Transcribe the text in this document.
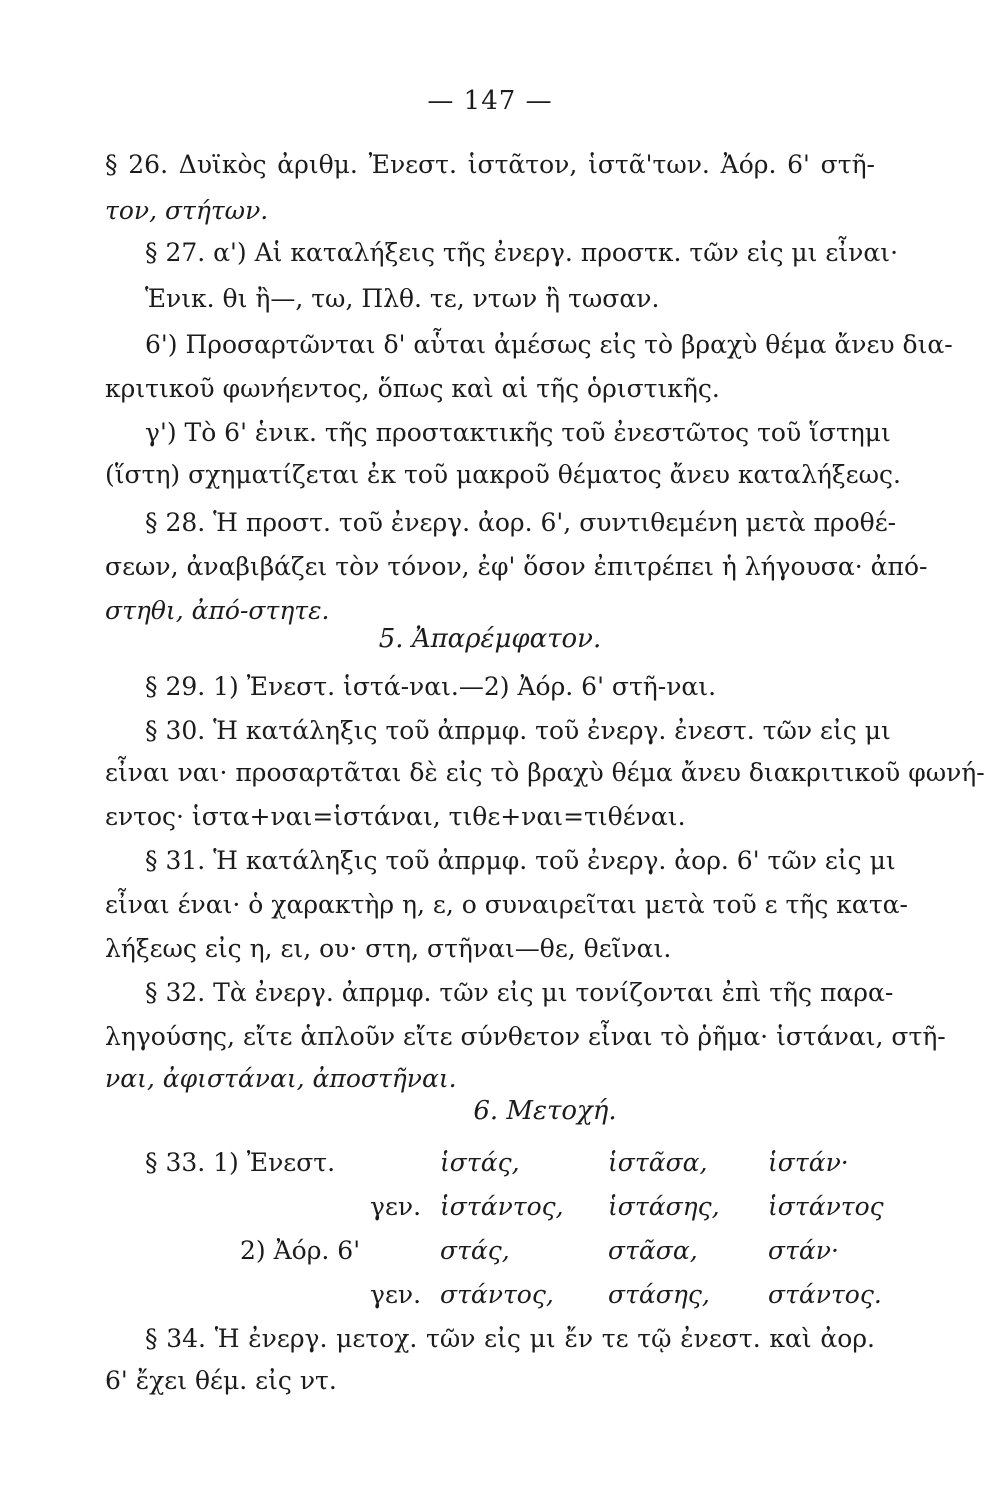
— 147 —
§ 26. Δυϊκὸς ἀριθμ. Ἐνεστ. ἱστᾶτον, ἱστᾶ'των. Ἀόρ. 6' στῆ-
τον, στήτων.
§ 27. α') Αἱ καταλήξεις τῆς ἐνεργ. προστκ. τῶν εἰς μι εἶναι·
Ἑνικ. θι ἢ—, τω, Πλθ. τε, ντων ἢ τωσαν.
6') Προσαρτῶνται δ' αὗται ἀμέσως εἰς τὸ βραχὺ θέμα ἄνευ δια-
κριτικοῦ φωνήεντος, ὅπως καὶ αἱ τῆς ὁριστικῆς.
γ') Τὸ 6' ἑνικ. τῆς προστακτικῆς τοῦ ἐνεστῶτος τοῦ ἵστημι
(ἵστη) σχηματίζεται ἐκ τοῦ μακροῦ θέματος ἄνευ καταλήξεως.
§ 28. Ἡ προστ. τοῦ ἐνεργ. ἀορ. 6', συντιθεμένη μετὰ προθέ-
σεων, ἀναβιβάζει τὸν τόνον, ἐφ' ὅσον ἐπιτρέπει ἡ λήγουσα· ἀπό-
στηθι, ἀπό-στητε.
5. Ἀπαρέμφατον.
§ 29. 1) Ἐνεστ. ἱστά-ναι.—2) Ἀόρ. 6' στῆ-ναι.
§ 30. Ἡ κατάληξις τοῦ ἀπρμφ. τοῦ ἐνεργ. ἐνεστ. τῶν εἰς μι
εἶναι ναι· προσαρτᾶται δὲ εἰς τὸ βραχὺ θέμα ἄνευ διακριτικοῦ φωνή-
εντος· ἱστα+ναι=ἱστάναι, τιθε+ναι=τιθέναι.
§ 31. Ἡ κατάληξις τοῦ ἀπρμφ. τοῦ ἐνεργ. ἀορ. 6' τῶν εἰς μι
εἶναι έναι· ὁ χαρακτὴρ η, ε, ο συναιρεῖται μετὰ τοῦ ε τῆς κατα-
λήξεως εἰς η, ει, ου· στη, στῆναι—θε, θεῖναι.
§ 32. Τὰ ἐνεργ. ἀπρμφ. τῶν εἰς μι τονίζονται ἐπὶ τῆς παρα-
ληγούσης, εἴτε ἁπλοῦν εἴτε σύνθετον εἶναι τὸ ῥῆμα· ἱστάναι, στῆ-
ναι, ἀφιστάναι, ἀποστῆναι.
6. Μετοχή.
§ 33. 1) Ἐνεστ.	ἱστάς,	ἱστᾶσα, ἱστάν·
γεν. ἱστάντος, ἱστάσης, ἱστάντος
2) Ἀόρ. 6'	στάς,	στᾶσα,	στάν·
γεν. στάντος, στάσης, στάντος.
§ 34. Ἡ ἐνεργ. μετοχ. τῶν εἰς μι ἔν τε τῷ ἐνεστ. καὶ ἀορ.
6' ἔχει θέμ. εἰς ντ.
